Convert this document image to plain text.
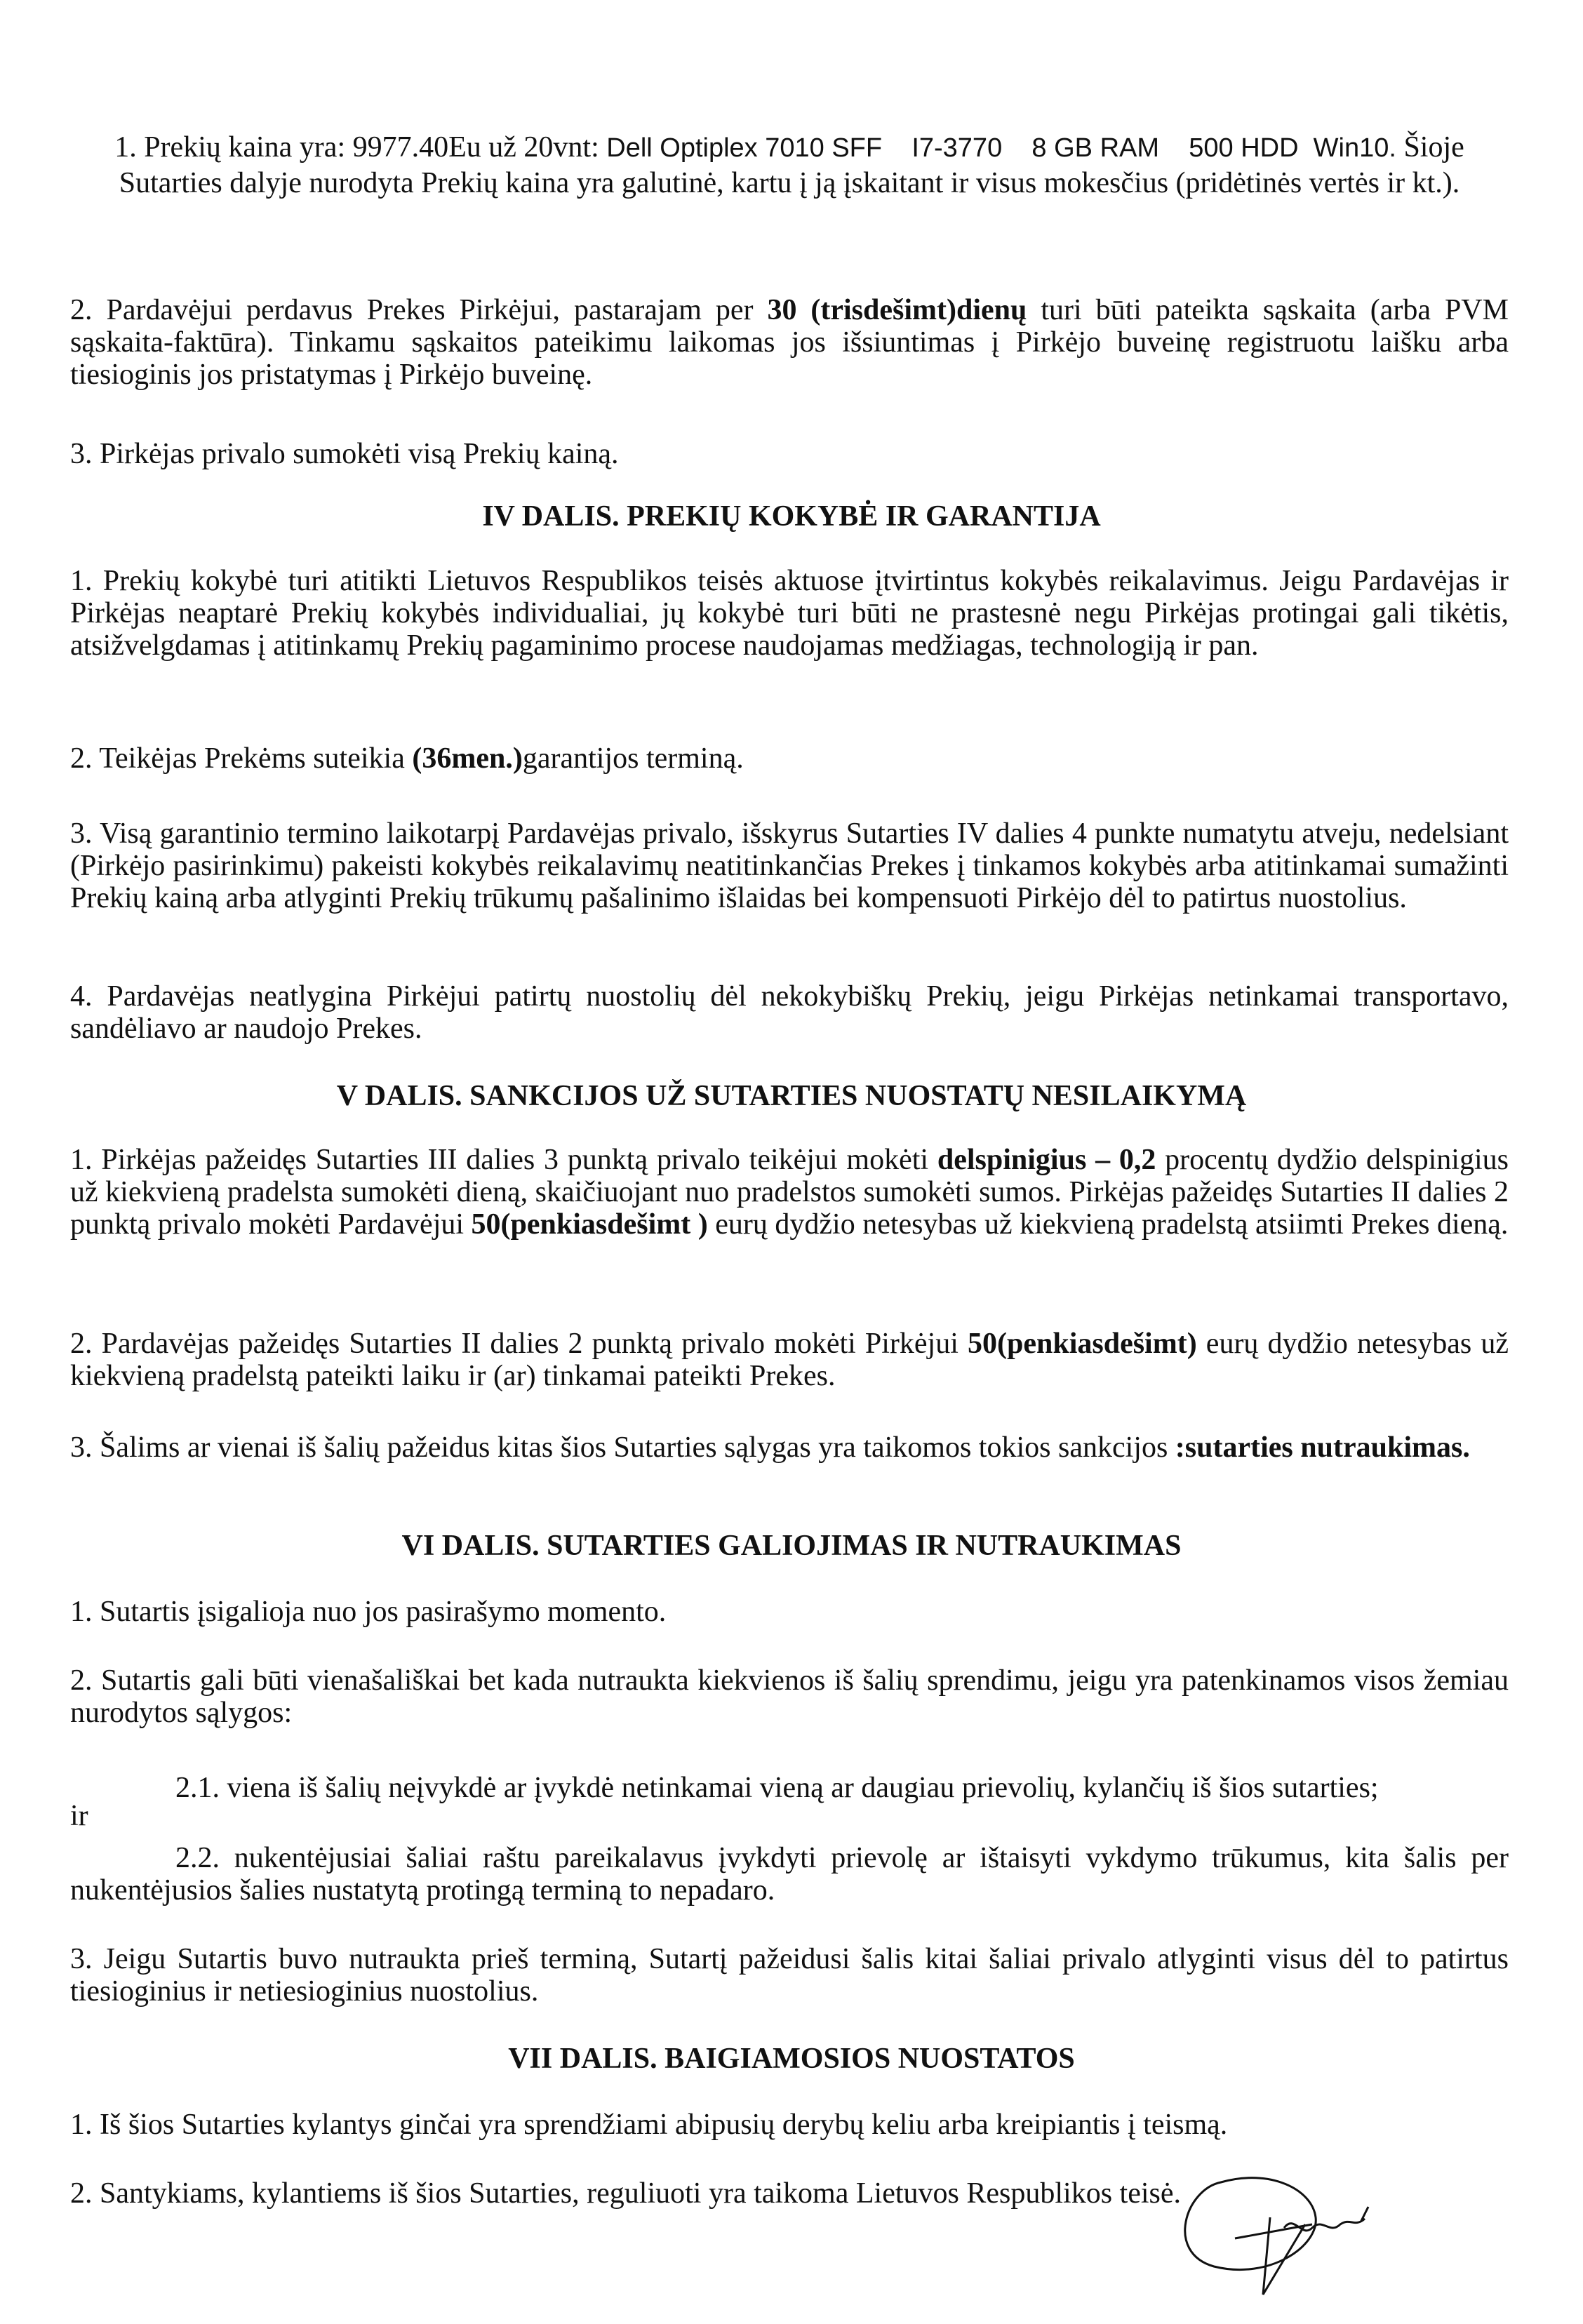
1. Prekių kaina yra: 9977.40Eu už 20vnt: Dell Optiplex 7010 SFF    I7-3770    8 GB RAM    500 HDD  Win10. Šioje Sutarties dalyje nurodyta Prekių kaina yra galutinė, kartu į ją įskaitant ir visus mokesčius (pridėtinės vertės ir kt.).
2. Pardavėjui perdavus Prekes Pirkėjui, pastarajam per 30 (trisdešimt)dienų turi būti pateikta sąskaita (arba PVM sąskaita-faktūra). Tinkamu sąskaitos pateikimu laikomas jos išsiuntimas į Pirkėjo buveinę registruotu laišku arba tiesioginis jos pristatymas į Pirkėjo buveinę.
3. Pirkėjas privalo sumokėti visą Prekių kainą.
IV DALIS. PREKIŲ KOKYBĖ IR GARANTIJA
1. Prekių kokybė turi atitikti Lietuvos Respublikos teisės aktuose įtvirtintus kokybės reikalavimus. Jeigu Pardavėjas ir Pirkėjas neaptarė Prekių kokybės individualiai, jų kokybė turi būti ne prastesnė negu Pirkėjas protingai gali tikėtis, atsižvelgdamas į atitinkamų Prekių pagaminimo procese naudojamas medžiagas, technologiją ir pan.
2. Teikėjas Prekėms suteikia (36men.)garantijos terminą.
3. Visą garantinio termino laikotarpį Pardavėjas privalo, išskyrus Sutarties IV dalies 4 punkte numatytu atveju, nedelsiant (Pirkėjo pasirinkimu) pakeisti kokybės reikalavimų neatitinkančias Prekes į tinkamos kokybės arba atitinkamai sumažinti Prekių kainą arba atlyginti Prekių trūkumų pašalinimo išlaidas bei kompensuoti Pirkėjo dėl to patirtus nuostolius.
4. Pardavėjas neatlygina Pirkėjui patirtų nuostolių dėl nekokybiškų Prekių, jeigu Pirkėjas netinkamai transportavo, sandėliavo ar naudojo Prekes.
V DALIS. SANKCIJOS UŽ SUTARTIES NUOSTATŲ NESILAIKYMĄ
1. Pirkėjas pažeidęs Sutarties III dalies 3 punktą privalo teikėjui mokėti delspinigius – 0,2 procentų dydžio delspinigius už kiekvieną pradelsta sumokėti dieną, skaičiuojant nuo pradelstos sumokėti sumos. Pirkėjas pažeidęs Sutarties II dalies 2 punktą privalo mokėti Pardavėjui 50(penkiasdešimt ) eurų dydžio netesybas už kiekvieną pradelstą atsiimti Prekes dieną.
2. Pardavėjas pažeidęs Sutarties II dalies 2 punktą privalo mokėti Pirkėjui 50(penkiasdešimt) eurų dydžio netesybas už kiekvieną pradelstą pateikti laiku ir (ar) tinkamai pateikti Prekes.
3. Šalims ar vienai iš šalių pažeidus kitas šios Sutarties sąlygas yra taikomos tokios sankcijos :sutarties nutraukimas.
VI DALIS. SUTARTIES GALIOJIMAS IR NUTRAUKIMAS
1. Sutartis įsigalioja nuo jos pasirašymo momento.
2. Sutartis gali būti vienašališkai bet kada nutraukta kiekvienos iš šalių sprendimu, jeigu yra patenkinamos visos žemiau nurodytos sąlygos:
2.1. viena iš šalių neįvykdė ar įvykdė netinkamai vieną ar daugiau prievolių, kylančių iš šios sutarties;
ir
2.2. nukentėjusiai šaliai raštu pareikalavus įvykdyti prievolę ar ištaisyti vykdymo trūkumus, kita šalis per nukentėjusios šalies nustatytą protingą terminą to nepadaro.
3. Jeigu Sutartis buvo nutraukta prieš terminą, Sutartį pažeidusi šalis kitai šaliai privalo atlyginti visus dėl to patirtus tiesioginius ir netiesioginius nuostolius.
VII DALIS. BAIGIAMOSIOS NUOSTATOS
1. Iš šios Sutarties kylantys ginčai yra sprendžiami abipusių derybų keliu arba kreipiantis į teismą.
2. Santykiams, kylantiems iš šios Sutarties, reguliuoti yra taikoma Lietuvos Respublikos teisė.
